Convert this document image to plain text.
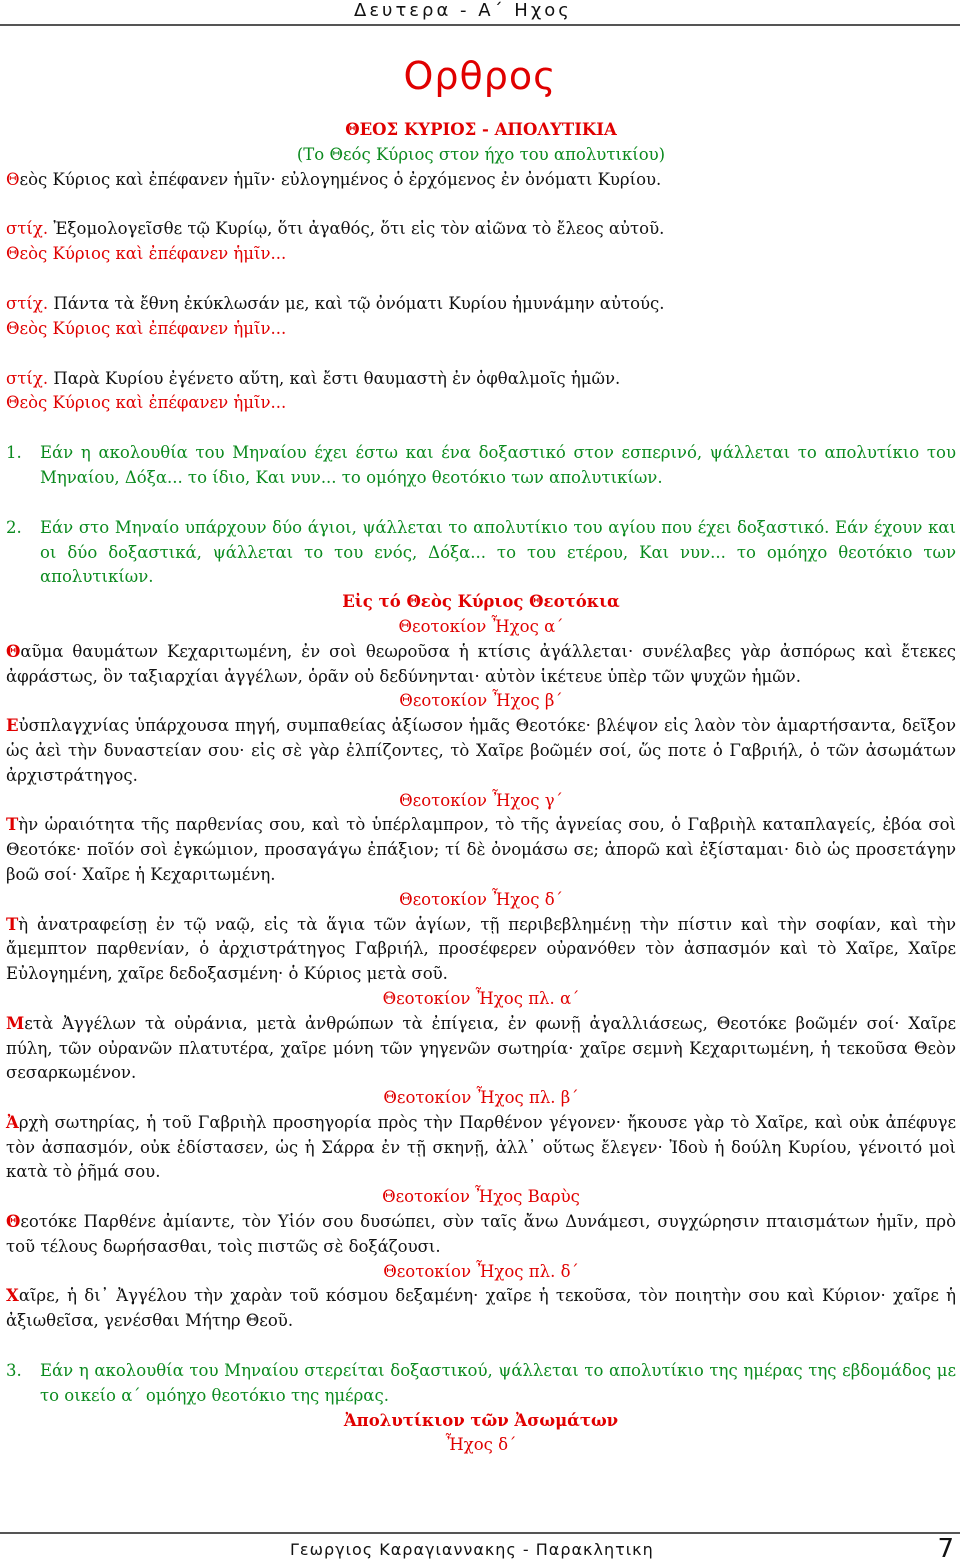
Δευτερα - Α΄ Ηχος
Ορθρος
ΘΕΟΣ ΚΥΡΙΟΣ - ΑΠΟΛΥΤΙΚΙΑ
(Το Θεός Κύριος στον ήχο του απολυτικίου)
Θεὸς Κύριος καὶ ἐπέφανεν ἡμῖν· εὐλογημένος ὁ ἐρχόμενος ἐν ὀνόματι Κυρίου.
στίχ. Ἐξομολογεῖσθε τῷ Κυρίῳ, ὅτι ἀγαθός, ὅτι εἰς τὸν αἰῶνα τὸ ἔλεος αὐτοῦ.
Θεὸς Κύριος καὶ ἐπέφανεν ἡμῖν...
στίχ. Πάντα τὰ ἔθνη ἐκύκλωσάν με, καὶ τῷ ὀνόματι Κυρίου ἠμυνάμην αὐτούς.
Θεὸς Κύριος καὶ ἐπέφανεν ἡμῖν...
στίχ. Παρὰ Κυρίου ἐγένετο αὕτη, καὶ ἔστι θαυμαστὴ ἐν ὀφθαλμοῖς ἡμῶν.
Θεὸς Κύριος καὶ ἐπέφανεν ἡμῖν...
1.	Εάν η ακολουθία του Μηναίου έχει έστω και ένα δοξαστικό στον εσπερινό, ψάλλεται το απολυτίκιο του Μηναίου, Δόξα... το ίδιο, Και νυν... το ομόηχο θεοτόκιο των απολυτικίων.
2.	Εάν στο Μηναίο υπάρχουν δύο άγιοι, ψάλλεται το απολυτίκιο του αγίου που έχει δοξαστικό. Εάν έχουν και οι δύο δοξαστικά, ψάλλεται το του ενός, Δόξα... το του ετέρου, Και νυν... το ομόηχο θεοτόκιο των απολυτικίων.
Εἰς τό Θεὸς Κύριος Θεοτόκια
Θεοτοκίον Ἦχος α΄
Θαῦμα θαυμάτων Κεχαριτωμένη, ἐν σοὶ θεωροῦσα ἡ κτίσις ἀγάλλεται· συνέλαβες γὰρ ἀσπόρως καὶ ἔτεκες ἀφράστως, ὃν ταξιαρχίαι ἀγγέλων, ὁρᾶν οὐ δεδύνηνται· αὐτὸν ἱκέτευε ὑπὲρ τῶν ψυχῶν ἡμῶν.
Θεοτοκίον Ἦχος β΄
Εὐσπλαγχνίας ὑπάρχουσα πηγή, συμπαθείας ἀξίωσον ἡμᾶς Θεοτόκε· βλέψον εἰς λαὸν τὸν ἁμαρτήσαντα, δεῖξον ὡς ἀεὶ τὴν δυναστείαν σου· εἰς σὲ γὰρ ἐλπίζοντες, τὸ Χαῖρε βοῶμέν σοί, ὥς ποτε ὁ Γαβριήλ, ὁ τῶν ἀσωμάτων ἀρχιστράτηγος.
Θεοτοκίον Ἦχος γ΄
Τὴν ὡραιότητα τῆς παρθενίας σου, καὶ τὸ ὑπέρλαμπρον, τὸ τῆς ἁγνείας σου, ὁ Γαβριὴλ καταπλαγείς, ἐβόα σοὶ Θεοτόκε· ποῖόν σοὶ ἐγκώμιον, προσαγάγω ἐπάξιον; τί δὲ ὀνομάσω σε; ἀπορῶ καὶ ἐξίσταμαι· διὸ ὡς προσετάγην βοῶ σοί· Χαῖρε ἡ Κεχαριτωμένη.
Θεοτοκίον Ἦχος δ΄
Τὴ ἀνατραφείσῃ ἐν τῷ ναῷ, εἰς τὰ ἅγια τῶν ἁγίων, τῇ περιβεβλημένῃ τὴν πίστιν καὶ τὴν σοφίαν, καὶ τὴν ἄμεμπτον παρθενίαν, ὁ ἀρχιστράτηγος Γαβριήλ, προσέφερεν οὐρανόθεν τὸν ἀσπασμόν καὶ τὸ Χαῖρε, Χαῖρε Εὐλογημένη, χαῖρε δεδοξασμένη· ὁ Κύριος μετὰ σοῦ.
Θεοτοκίον Ἦχος πλ. α΄
Μετὰ Ἀγγέλων τὰ οὐράνια, μετὰ ἀνθρώπων τὰ ἐπίγεια, ἐν φωνῇ ἀγαλλιάσεως, Θεοτόκε βοῶμέν σοί· Χαῖρε πύλη, τῶν οὐρανῶν πλατυτέρα, χαῖρε μόνη τῶν γηγενῶν σωτηρία· χαῖρε σεμνὴ Κεχαριτωμένη, ἡ τεκοῦσα Θεὸν σεσαρκωμένον.
Θεοτοκίον Ἦχος πλ. β΄
Ἀρχὴ σωτηρίας, ἡ τοῦ Γαβριὴλ προσηγορία πρὸς τὴν Παρθένον γέγονεν· ἤκουσε γὰρ τὸ Χαῖρε, καὶ οὐκ ἀπέφυγε τὸν ἀσπασμόν, οὐκ ἐδίστασεν, ὡς ἡ Σάρρα ἐν τῇ σκηνῇ, ἀλλ᾽ οὕτως ἔλεγεν· Ἰδοὺ ἡ δούλη Κυρίου, γένοιτό μοὶ κατὰ τὸ ῥῆμά σου.
Θεοτοκίον Ἦχος Βαρὺς
Θεοτόκε Παρθένε ἀμίαντε, τὸν Υἱόν σου δυσώπει, σὺν ταῖς ἄνω Δυνάμεσι, συγχώρησιν πταισμάτων ἡμῖν, πρὸ τοῦ τέλους δωρήσασθαι, τοὶς πιστῶς σὲ δοξάζουσι.
Θεοτοκίον Ἦχος πλ. δ΄
Χαῖρε, ἡ δι᾽ Ἀγγέλου τὴν χαρὰν τοῦ κόσμου δεξαμένη· χαῖρε ἡ τεκοῦσα, τὸν ποιητὴν σου καὶ Κύριον· χαῖρε ἡ ἀξιωθεῖσα, γενέσθαι Μήτηρ Θεοῦ.
3.	Εάν η ακολουθία του Μηναίου στερείται δοξαστικού, ψάλλεται το απολυτίκιο της ημέρας της εβδομάδος με το οικείο α΄ ομόηχο θεοτόκιο της ημέρας.
Ἀπολυτίκιον τῶν Ἀσωμάτων
Ἦχος δ΄
Γεωργιος Καραγιαννακης - Παρακλητικη	7
